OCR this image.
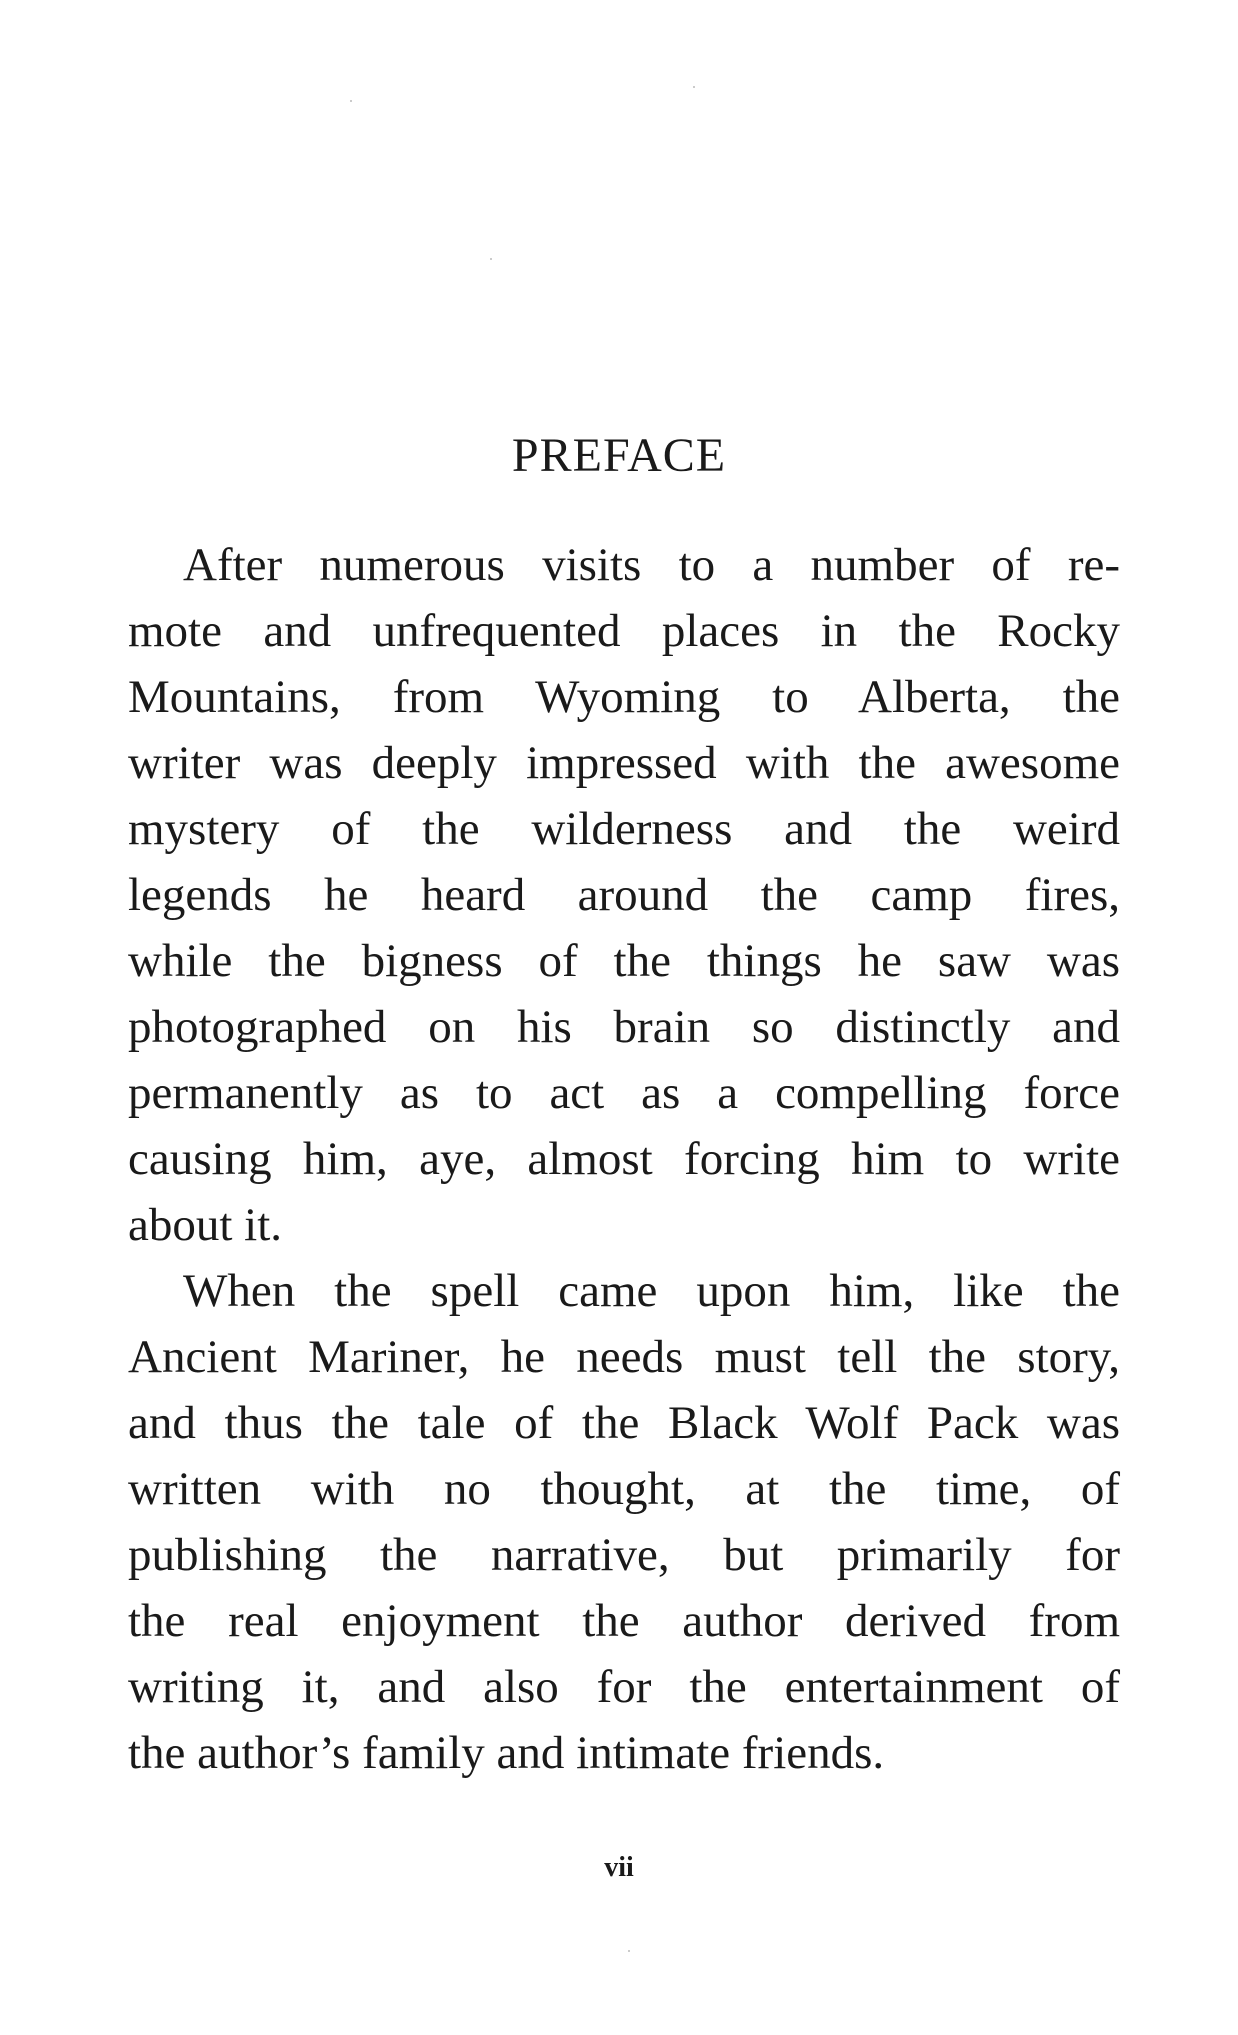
PREFACE
After numerous visits to a number of re-
mote and unfrequented places in the Rocky
Mountains, from Wyoming to Alberta, the
writer was deeply impressed with the awesome
mystery of the wilderness and the weird
legends he heard around the camp fires,
while the bigness of the things he saw was
photographed on his brain so distinctly and
permanently as to act as a compelling force
causing him, aye, almost forcing him to write
about it.
When the spell came upon him, like the
Ancient Mariner, he needs must tell the story,
and thus the tale of the Black Wolf Pack was
written with no thought, at the time, of
publishing the narrative, but primarily for
the real enjoyment the author derived from
writing it, and also for the entertainment of
the author’s family and intimate friends.
vii
